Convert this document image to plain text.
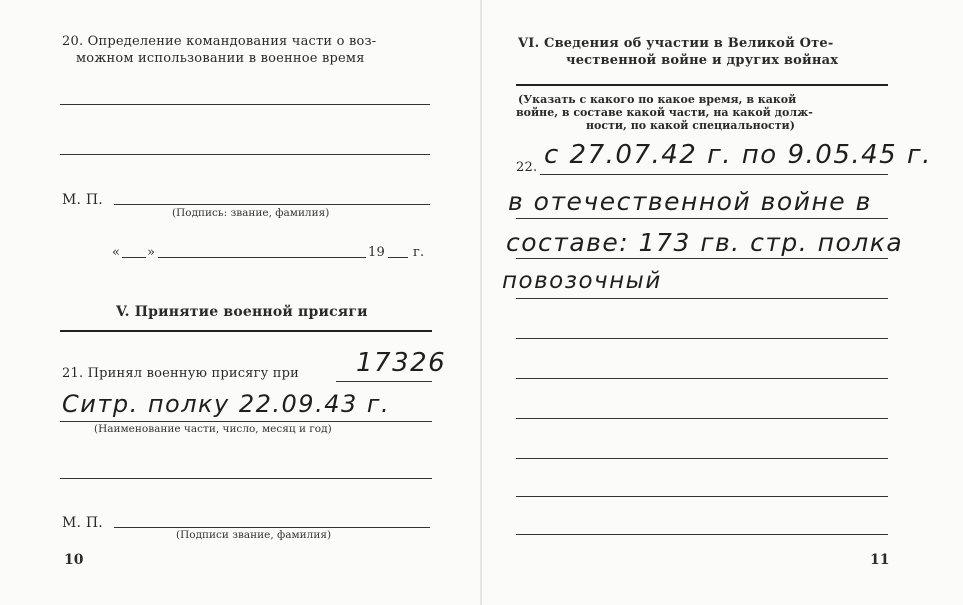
20. Определение командования части о воз-
можном использовании в военное время
М. П.
(Подпись: звание, фамилия)
« »	19 г.
V. Принятие военной присяги
21. Принял военную присягу при 17326
Cитр. полку 22.09.43 г.
(Наименование части, число, месяц и год)
М. П.
(Подписи звание, фамилия)
10
VI. Сведения об участии в Великой Оте-
чественной войне и других войнах
(Указать с какого по какое время, в какой
войне, в составе какой части, на какой долж-
ности, по какой специальности)
22. с 27.07.42 г. по 9.05.45 г.
в отечественной войне в
составе: 173 гв. стр. полка
повозочный
11
